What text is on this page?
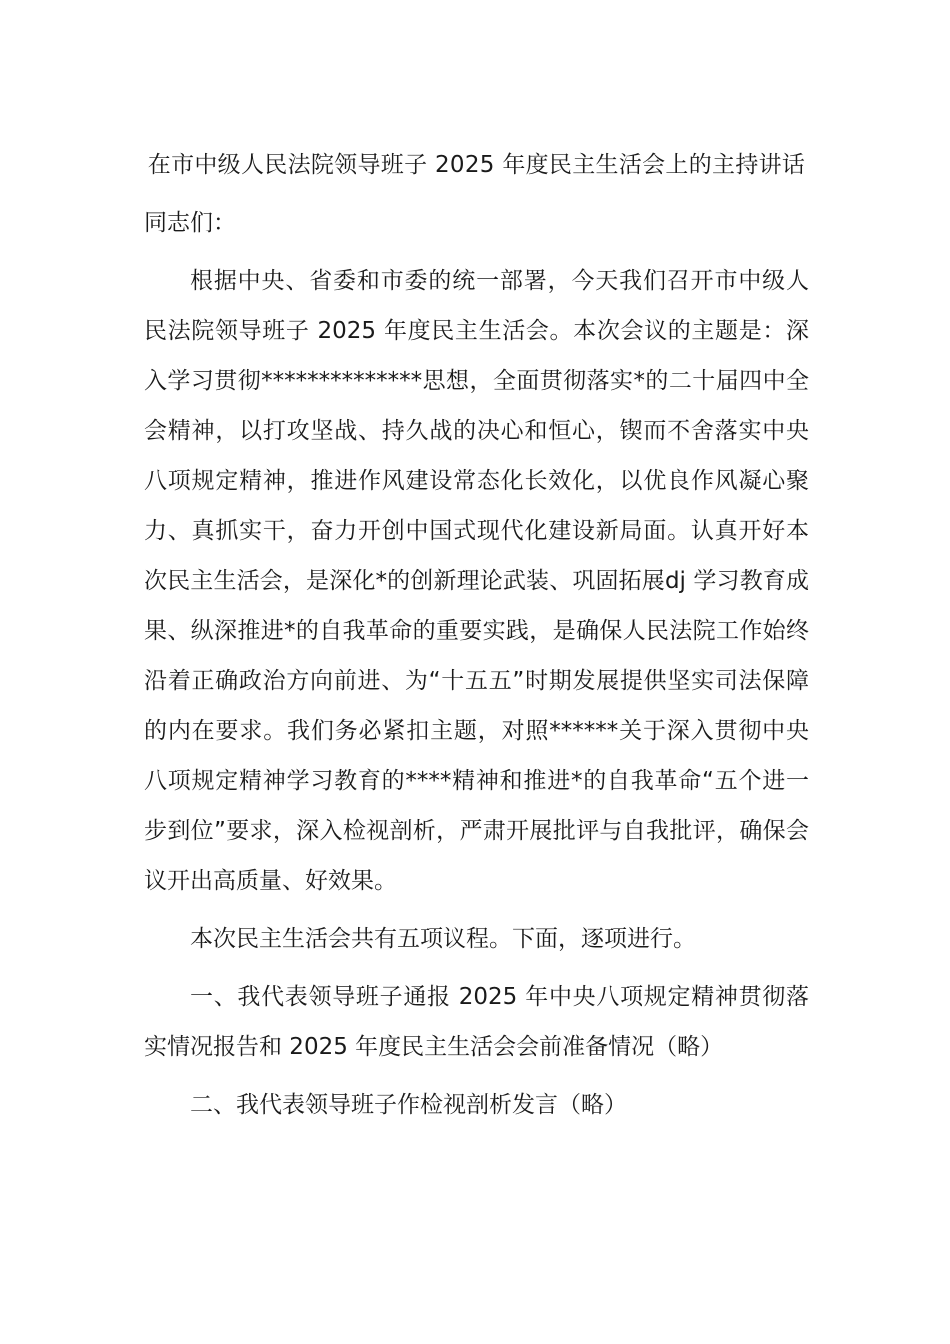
在市中级人民法院领导班子 2025 年度民主生活会上的主持讲话

同志们：

根据中央、省委和市委的统一部署，今天我们召开市中级人民法院领导班子 2025 年度民主生活会。本次会议的主题是：深入学习贯彻**************思想，全面贯彻落实*的二十届四中全会精神，以打攻坚战、持久战的决心和恒心，锲而不舍落实中央八项规定精神，推进作风建设常态化长效化，以优良作风凝心聚力、真抓实干，奋力开创中国式现代化建设新局面。认真开好本次民主生活会，是深化*的创新理论武装、巩固拓展dj 学习教育成果、纵深推进*的自我革命的重要实践，是确保人民法院工作始终沿着正确政治方向前进、为“十五五”时期发展提供坚实司法保障的内在要求。我们务必紧扣主题，对照******关于深入贯彻中央八项规定精神学习教育的****精神和推进*的自我革命“五个进一步到位”要求，深入检视剖析，严肃开展批评与自我批评，确保会议开出高质量、好效果。

本次民主生活会共有五项议程。下面，逐项进行。

一、我代表领导班子通报 2025 年中央八项规定精神贯彻落实情况报告和 2025 年度民主生活会会前准备情况（略）

二、我代表领导班子作检视剖析发言（略）
